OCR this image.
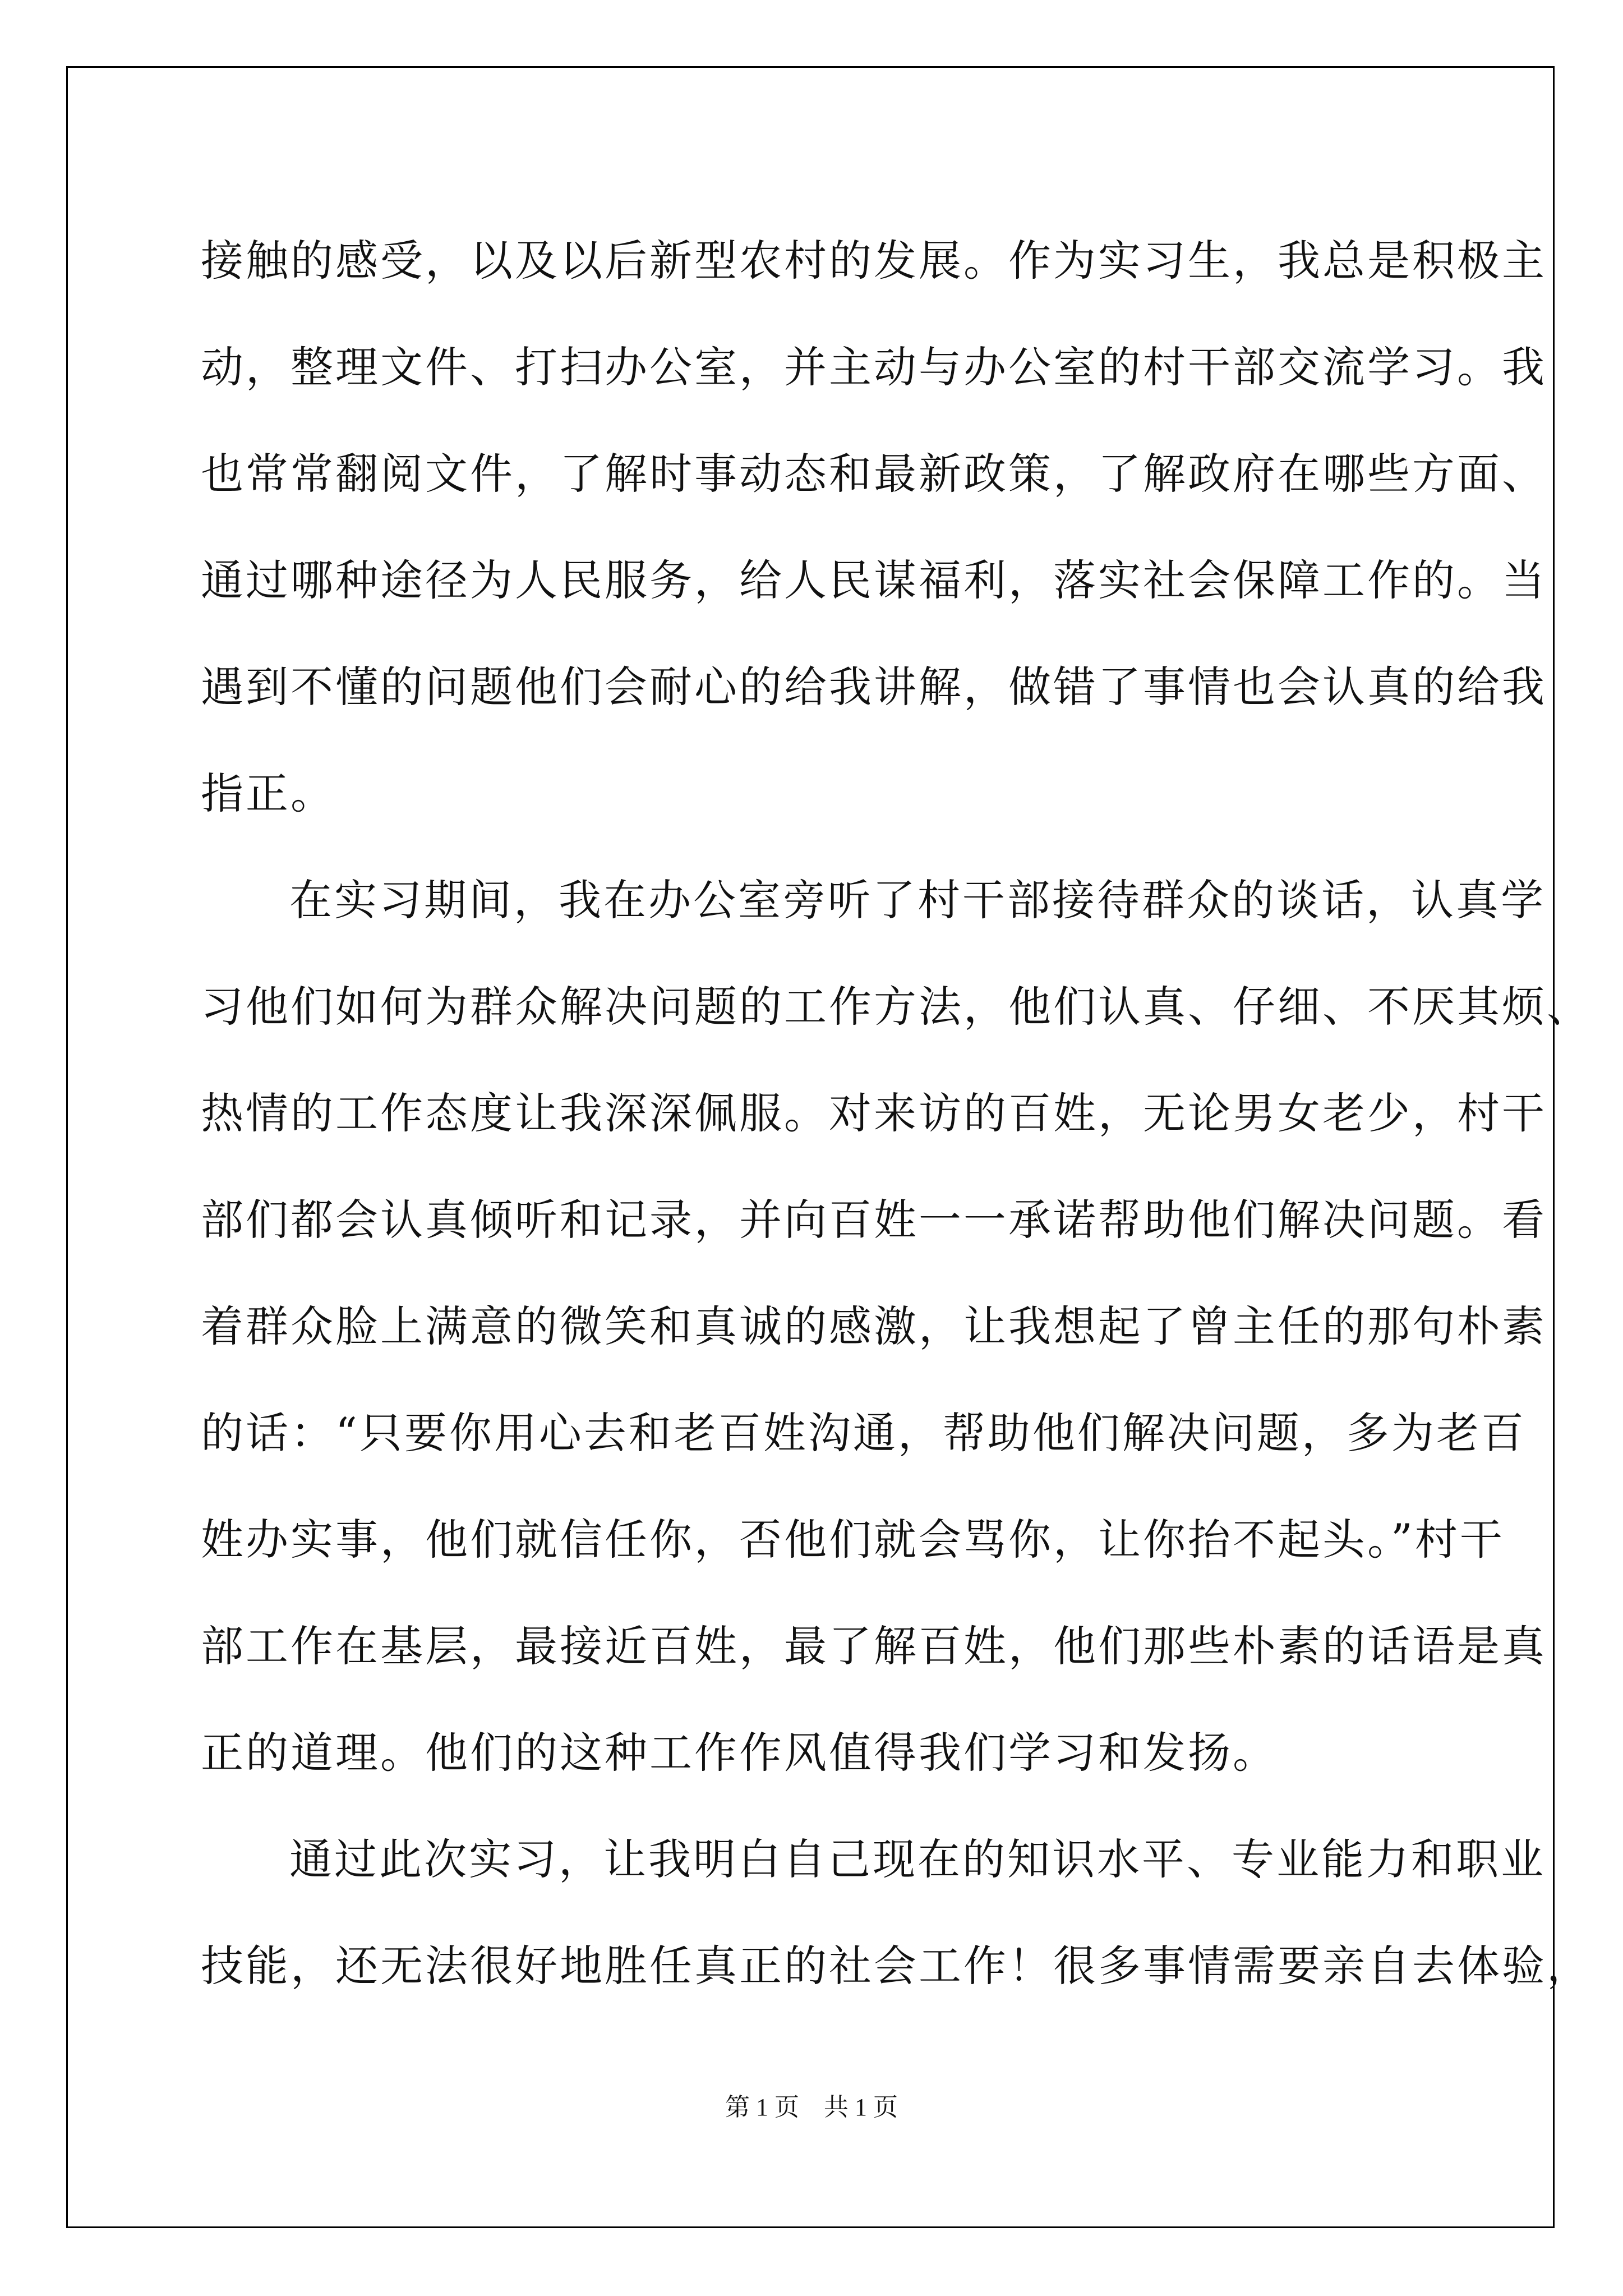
接触的感受，以及以后新型农村的发展。作为实习生，我总是积极主
动，整理文件、打扫办公室，并主动与办公室的村干部交流学习。我
也常常翻阅文件，了解时事动态和最新政策，了解政府在哪些方面、
通过哪种途径为人民服务，给人民谋福利，落实社会保障工作的。当
遇到不懂的问题他们会耐心的给我讲解，做错了事情也会认真的给我
指正。
在实习期间，我在办公室旁听了村干部接待群众的谈话，认真学
习他们如何为群众解决问题的工作方法，他们认真、仔细、不厌其烦、
热情的工作态度让我深深佩服。对来访的百姓，无论男女老少，村干
部们都会认真倾听和记录，并向百姓一一承诺帮助他们解决问题。看
着群众脸上满意的微笑和真诚的感激，让我想起了曾主任的那句朴素
的话：“只要你用心去和老百姓沟通，帮助他们解决问题，多为老百
姓办实事，他们就信任你，否他们就会骂你，让你抬不起头。”村干
部工作在基层，最接近百姓，最了解百姓，他们那些朴素的话语是真
正的道理。他们的这种工作作风值得我们学习和发扬。
通过此次实习，让我明白自己现在的知识水平、专业能力和职业
技能，还无法很好地胜任真正的社会工作！很多事情需要亲自去体验，
第 1 页　共 1 页
